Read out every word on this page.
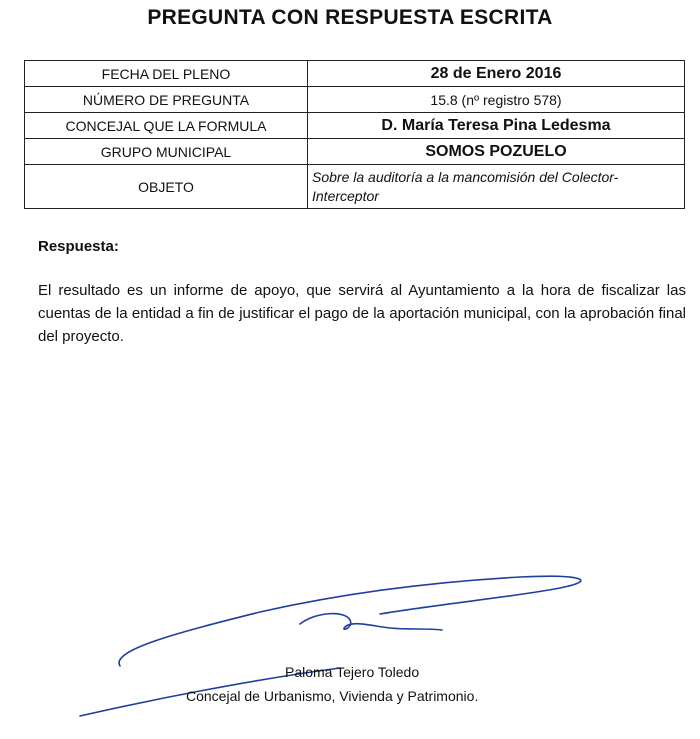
PREGUNTA CON RESPUESTA ESCRITA
FECHA DEL PLENO	28 de Enero 2016
NÚMERO DE PREGUNTA	15.8 (nº registro 578)
CONCEJAL QUE LA FORMULA	D. María Teresa Pina Ledesma
GRUPO MUNICIPAL	SOMOS POZUELO
OBJETO	Sobre la auditoría a la mancomisión del Colector-Interceptor
Respuesta:
El resultado es un informe de apoyo, que servirá al Ayuntamiento a la hora de fiscalizar las cuentas de la entidad a fin de justificar el pago de la aportación municipal, con la aprobación final del proyecto.
Paloma Tejero Toledo
Concejal de Urbanismo, Vivienda y Patrimonio.
